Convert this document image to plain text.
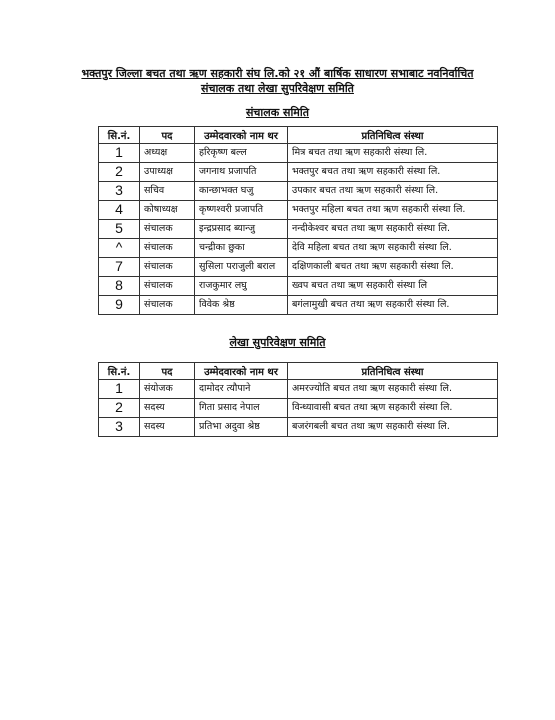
भक्तपुर जिल्ला बचत तथा ऋण सहकारी संघ लि.को २१ औं बार्षिक साधारण सभाबाट नवनिर्वाचित
संचालक तथा लेखा सुपरिवेक्षण समिति
संचालक समिति
सि.नं.	पद	उम्मेदवारको नाम थर	प्रतिनिधित्व संस्था
1	अध्यक्ष	हरिकृष्ण बल्ल	मित्र बचत तथा ऋण सहकारी संस्था लि.
2	उपाध्यक्ष	जगनाथ प्रजापति	भक्तपुर बचत तथा ऋण सहकारी संस्था लि.
3	सचिव	कान्छाभक्त घजु	उपकार बचत तथा ऋण सहकारी संस्था लि.
4	कोषाध्यक्ष	कृष्णश्वरी प्रजापति	भक्तपुर महिला बचत तथा ऋण सहकारी संस्था लि.
5	संचालक	इन्द्रप्रसाद ब्यान्जु	नन्दीकेश्वर बचत तथा ऋण सहकारी संस्था लि.
^	संचालक	चन्द्रीका छुका	देवि महिला बचत तथा ऋण सहकारी संस्था लि.
7	संचालक	सुसिला पराजुली बराल	दक्षिणकाली बचत तथा ऋण सहकारी संस्था लि.
8	संचालक	राजकुमार लघु	ख्वप बचत तथा ऋण सहकारी संस्था लि
9	संचालक	विवेक श्रेष्ठ	बगंलामुखी बचत तथा ऋण सहकारी संस्था लि.
लेखा सुपरिवेक्षण समिति
सि.नं.	पद	उम्मेदवारको नाम थर	प्रतिनिधित्व संस्था
1	संयोजक	दामोदर त्यौपाने	अमरज्योति बचत तथा ऋण सहकारी संस्था लि.
2	सदस्य	गिता प्रसाद नेपाल	विन्ध्यावासी बचत तथा ऋण सहकारी संस्था लि.
3	सदस्य	प्रतिभा अदुवा श्रेष्ठ	बजरंगबली बचत तथा ऋण सहकारी संस्था लि.
